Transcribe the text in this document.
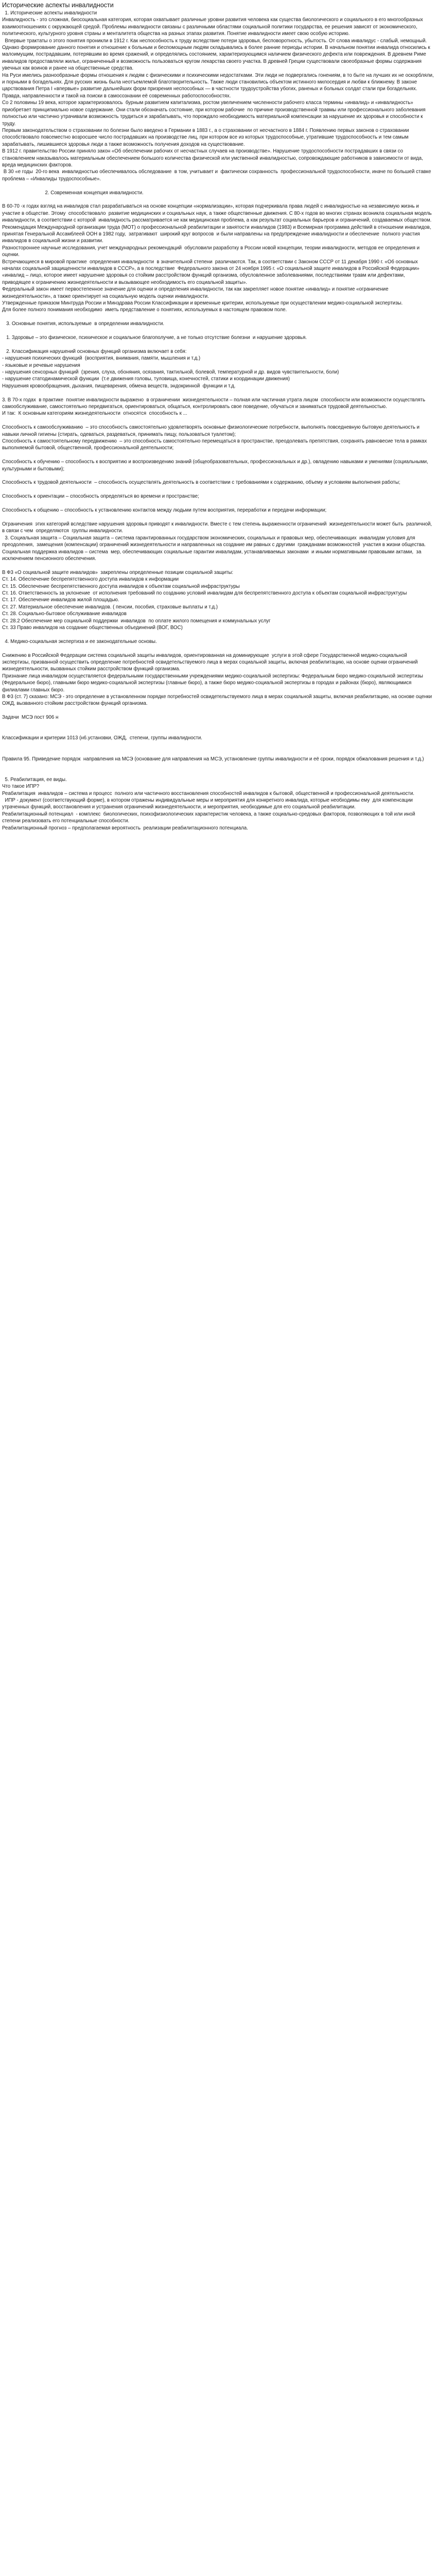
Исторические аспекты инвалидности

1. Исторические аспекты инвалидности

Инвалидность - это сложная, биосоциальная категория, которая охватывает различные уровни развития человека как существа биологического и социального в его многообразных взаимоотношениях с окружающей средой. Проблемы инвалидности связаны с различными областями социальной политики государства, ее решения зависят от экономического, политического, культурного уровня страны и менталитета общества на разных этапах развития. Понятие инвалидности имеет свою особую историю.

Впервые трактаты о этого понятия проникли в 1912 г. Как неспособность к труду вследствие потери здоровья, бесповоротность, убытость. От слова инвалидус - слабый, немощный. Однако формирование данного понятия и отношение к больным и беспомощным людям складывались в более ранние периоды истории. В начальном понятии инвалида относились к малоимущим, пострадавшим, потерявшим во время сражений, и определялись состоянием, характеризующимся наличием физического дефекта или повреждения. В древнем Риме инвалидов предоставляли жилье, ограниченный и возможность пользоваться кругом лекарства своего участка. В древней Греции существовали своеобразные формы содержания увечных как воинов и ранее на общественные средства.

На Руси имелись разнообразные формы отношения к людям с физическими и психическими недостатками. Эти люди не подвергались гонениям, в то быте на лучших их не оскорбляли, и порными в богадельнях. Для русских жизнь была неотъемлемой благотворительность. Также люди становились объектом истинного милосердия и любви к ближнему. В законе царствования Петра I «впервые» развитие дальнейших форм призрения неспособных — в частности трудоустройства убогих, раненых и больных солдат стали при богадельнях.

Правда, направленности и такой на поиски в самосознании её современных работоспособностях.

Со 2 половины 19 века, которое характеризовалось  бурным развитием капитализма, ростом увеличением численности рабочего класса термины «инвалид» и «инвалидность» приобретает принципиально новое содержание. Они стали обозначать состояние, при котором рабочие  по причине производственной травмы или профессионального заболевания полностью или частично утрачивали возможность трудиться и зарабатывать, что порождало необходимость материальной компенсации за нарушение их здоровья и способности к труду.

Первым законодательством о страховании по болезни было введено в Германии в 1883 г., а о страховании от несчастного в 1884 г. Появлению первых законов о страховании способствовало повсеместно возросшее число пострадавших на производстве лиц, при котором все из которых трудоспособные, утратившие трудоспособность и тем самым зарабатывать, лишившиеся здоровья люди а также возможность получения доходов на существование.

В 1912 г. правительство России приняло закон «Об обеспечении рабочих от несчастных случаев на производстве». Нарушение трудоспособности пострадавших в связи со становлением наказывалось материальным обеспечением большого количества физической или умственной инвалидностью, сопровождающие работников в зависимости от вида, вреда медицинских факторов.

В 30 «е годы  20-го века  инвалидностью обеспечивалось обследование  в том, учитывает и  фактически сохранность  профессиональной трудоспособности, иначе по большей ставке проблема – «Инвалиды трудоспособные».

2. Современная концепция инвалидности.

В 60-70 -х годах взгляд на инвалидов стал разрабатываться на основе концепции «нормализации», которая подчеркивала права людей с инвалидностью на независимую жизнь и участие в обществе. Этому  способствовало  развитие медицинских и социальных наук, а также общественные движения. С 80-х годов во многих странах возникла социальная модель  инвалидности, в соответствии с которой  инвалидность рассматривается не как медицинская проблема, а как результат социальных барьеров и ограничений, создаваемых обществом.

Рекомендация Международной организации труда (МОТ) о профессиональной реабилитации и занятости инвалидов (1983) и Всемирная программа действий в отношении инвалидов,  принятая Генеральной Ассамблеей ООН в 1982 году,  затрагивают  широкий круг вопросов  и были направлены на предупреждение инвалидности и обеспечение  полного участия инвалидов в социальной жизни и развитии.

Разностороннее научные исследования, учет международных рекомендаций  обусловили разработку в России новой концепции, теории инвалидности, методов ее определения и оценки.

Встречающиеся в мировой практике  определения инвалидности  в значительной степени  различаются. Так, в соответствии с Законом СССР от 11 декабря 1990 г. «Об основных началах социальной защищенности инвалидов в СССР», а в последствие  Федерального закона от 24 ноября 1995 г. «О социальной защите инвалидов в Российской Федерации»  «инвалид – лицо, которое имеет нарушение здоровья со стойким расстройством функций организма, обусловленное заболеваниями, последствиями травм или дефектами, приводящее к ограничению жизнедеятельности и вызывающее необходимость его социальной защиты».

Федеральный закон имеет первостепенное значение для оценки и определения инвалидности, так как закрепляет новое понятие «инвалид» и понятие «ограничение жизнедеятельности», а также ориентирует на социальную модель оценки инвалидности.

Утвержденные приказом Минтруда России и Минздрава России Классификации и временные критерии, используемые при осуществлении медико-социальной экспертизы.

Для более полного понимания необходимо  иметь представление о понятиях, используемых в настоящем правовом поле.

3. Основные понятия, используемые  в определении инвалидности.

1. Здоровье – это физическое, психическое и социальное благополучие, а не только отсутствие болезни  и нарушение здоровья.

2. Классификация нарушений основных функций организма включает в себя:

- нарушения психических функций  (восприятия, внимания, памяти, мышления и т.д.)

- языковые и речевые нарушения

- нарушения сенсорных функций  (зрения, слуха, обоняния, осязания, тактильной, болевой, температурной и др. видов чувствительности, боли)

- нарушение статодинамической функции  (т.е движения головы, туловища, конечностей, статики и координации движения)

Нарушения кровообращения, дыхания, пищеварения, обмена веществ, эндокринной  функции и т.д.

3. В 70-х годах  в практике  понятие инвалидности выражено  в ограничении  жизнедеятельности – полная или частичная утрата лицом  способности или возможности осуществлять самообслуживание, самостоятельно передвигаться, ориентироваться, общаться, контролировать свое поведение, обучаться и заниматься трудовой деятельностью.

И так:  К основным категориям жизнедеятельности  относятся  способность к ...

Способность к самообслуживанию  – это способность самостоятельно удовлетворять основные физиологические потребности, выполнять повседневную бытовую деятельность и навыки личной гигиены (стирать, одеваться, раздеваться, принимать пищу, пользоваться туалетом);

Способность к самостоятельному передвижению  – это способность самостоятельно перемещаться в пространстве, преодолевать препятствия, сохранять равновесие тела в рамках выполняемой бытовой, общественной, профессиональной деятельности;

Способность к обучению – способность к восприятию и воспроизведению знаний (общеобразовательных, профессиональных и др.), овладению навыками и умениями (социальными, культурными и бытовыми);

Способность к трудовой деятельности  – способность осуществлять деятельность в соответствии с требованиями к содержанию, объему и условиям выполнения работы;

Способность к ориентации – способность определяться во времени и пространстве;

Способность к общению – способность к установлению контактов между людьми путем восприятия, переработки и передачи информации;

Ограничения  этих категорий вследствие нарушения здоровья приводят к инвалидности. Вместе с тем степень выраженности ограничений  жизнедеятельности может быть  различной, в связи с чем  определяются  группы инвалидности.

3. Социальная защита – Социальная защита – система гарантированных государством экономических, социальных и правовых мер, обеспечивающих  инвалидам условия для преодоления,  замещения (компенсации) ограничений жизнедеятельности и направленных на создание им равных с другими  гражданами возможностей  участия в жизни общества.

Социальная поддержка инвалидов – система  мер, обеспечивающих социальные гарантии инвалидам, устанавливаемых законами  и иными нормативными правовыми актами,  за исключением пенсионного обеспечения.

В Ф3 «О социальной защите инвалидов»  закреплены определенные позиции социальной защиты:

Ст. 14. Обеспечение беспрепятственного доступа инвалидов к информации

Ст. 15. Обеспечение беспрепятственного доступа инвалидов к объектам социальной инфраструктуры

Ст. 16. Ответственность за уклонение  от исполнения требований по созданию условий инвалидам для беспрепятственного доступа к объектам социальной инфраструктуры

Ст. 17. Обеспечение инвалидов жилой площадью.

Ст. 27. Материальное обеспечение инвалидов. ( пенсии, пособия, страховые выплаты и т.д.)

Ст. 28. Социально-бытовое обслуживание инвалидов

Ст. 28.2 Обеспечение мер социальной поддержки  инвалидов  по оплате жилого помещения и коммунальных услуг

Ст. 33 Право инвалидов на создание общественных объединений (ВОГ, ВОС)

4. Медико-социальная экспертиза и ее законодательные основы.

Снижению в Российской Федерации система социальной защиты инвалидов, ориентированная на доминирующие  услуги в этой сфере Государственной медико-социальной экспертизы, призванной осуществить определение потребностей освидетельствуемого лица в мерах социальной защиты, включая реабилитацию, на основе оценки ограничений жизнедеятельности, вызванных стойким расстройством функций организма.

Признание лица инвалидом осуществляется федеральными государственными учреждениями медико-социальной экспертизы: Федеральным бюро медико-социальной экспертизы (Федеральное бюро), главными бюро медико-социальной экспертизы (главные бюро), а также бюро медико-социальной экспертизы в городах и районах (бюро), являющимися филиалами главных бюро.

В Ф3 (ст. 7) сказано: МСЭ - это определение в установленном порядке потребностей освидетельствуемого лица в мерах социальной защиты, включая реабилитацию, на основе оценки ОЖД, вызванного стойким расстройством функций организма.

Задачи  МСЭ пост 906 н

Классификации и критерии 1013 (н6.установки, ОЖД,  степени, группы инвалидности.

Правила 95. Приведение порядок  направления на МСЭ (основание для направления на МСЭ, установление группы инвалидности и её сроки, порядок обжалования решения и т.д.)

5. Реабилитация, ее виды.

Что такое ИПР?

Реабилитация  инвалидов – система и процесс  полного или частичного восстановления способностей инвалидов к бытовой, общественной и профессиональной деятельности.

ИПР - документ (соответствующий форме), в котором отражены индивидуальные меры и мероприятия для конкретного инвалида, которые необходимы ему  для компенсации утраченных функций, восстановления и устранения ограничений жизнедеятельности, и мероприятия, необходимые для его социальной реабилитации.

Реабилитационный потенциал  - комплекс  биологических, психофизиологических характеристик человека, а также социально-средовых факторов, позволяющих в той или иной степени реализовать его потенциальные способности.

Реабилитационный прогноз – предполагаемая вероятность  реализации реабилитационного потенциала.
